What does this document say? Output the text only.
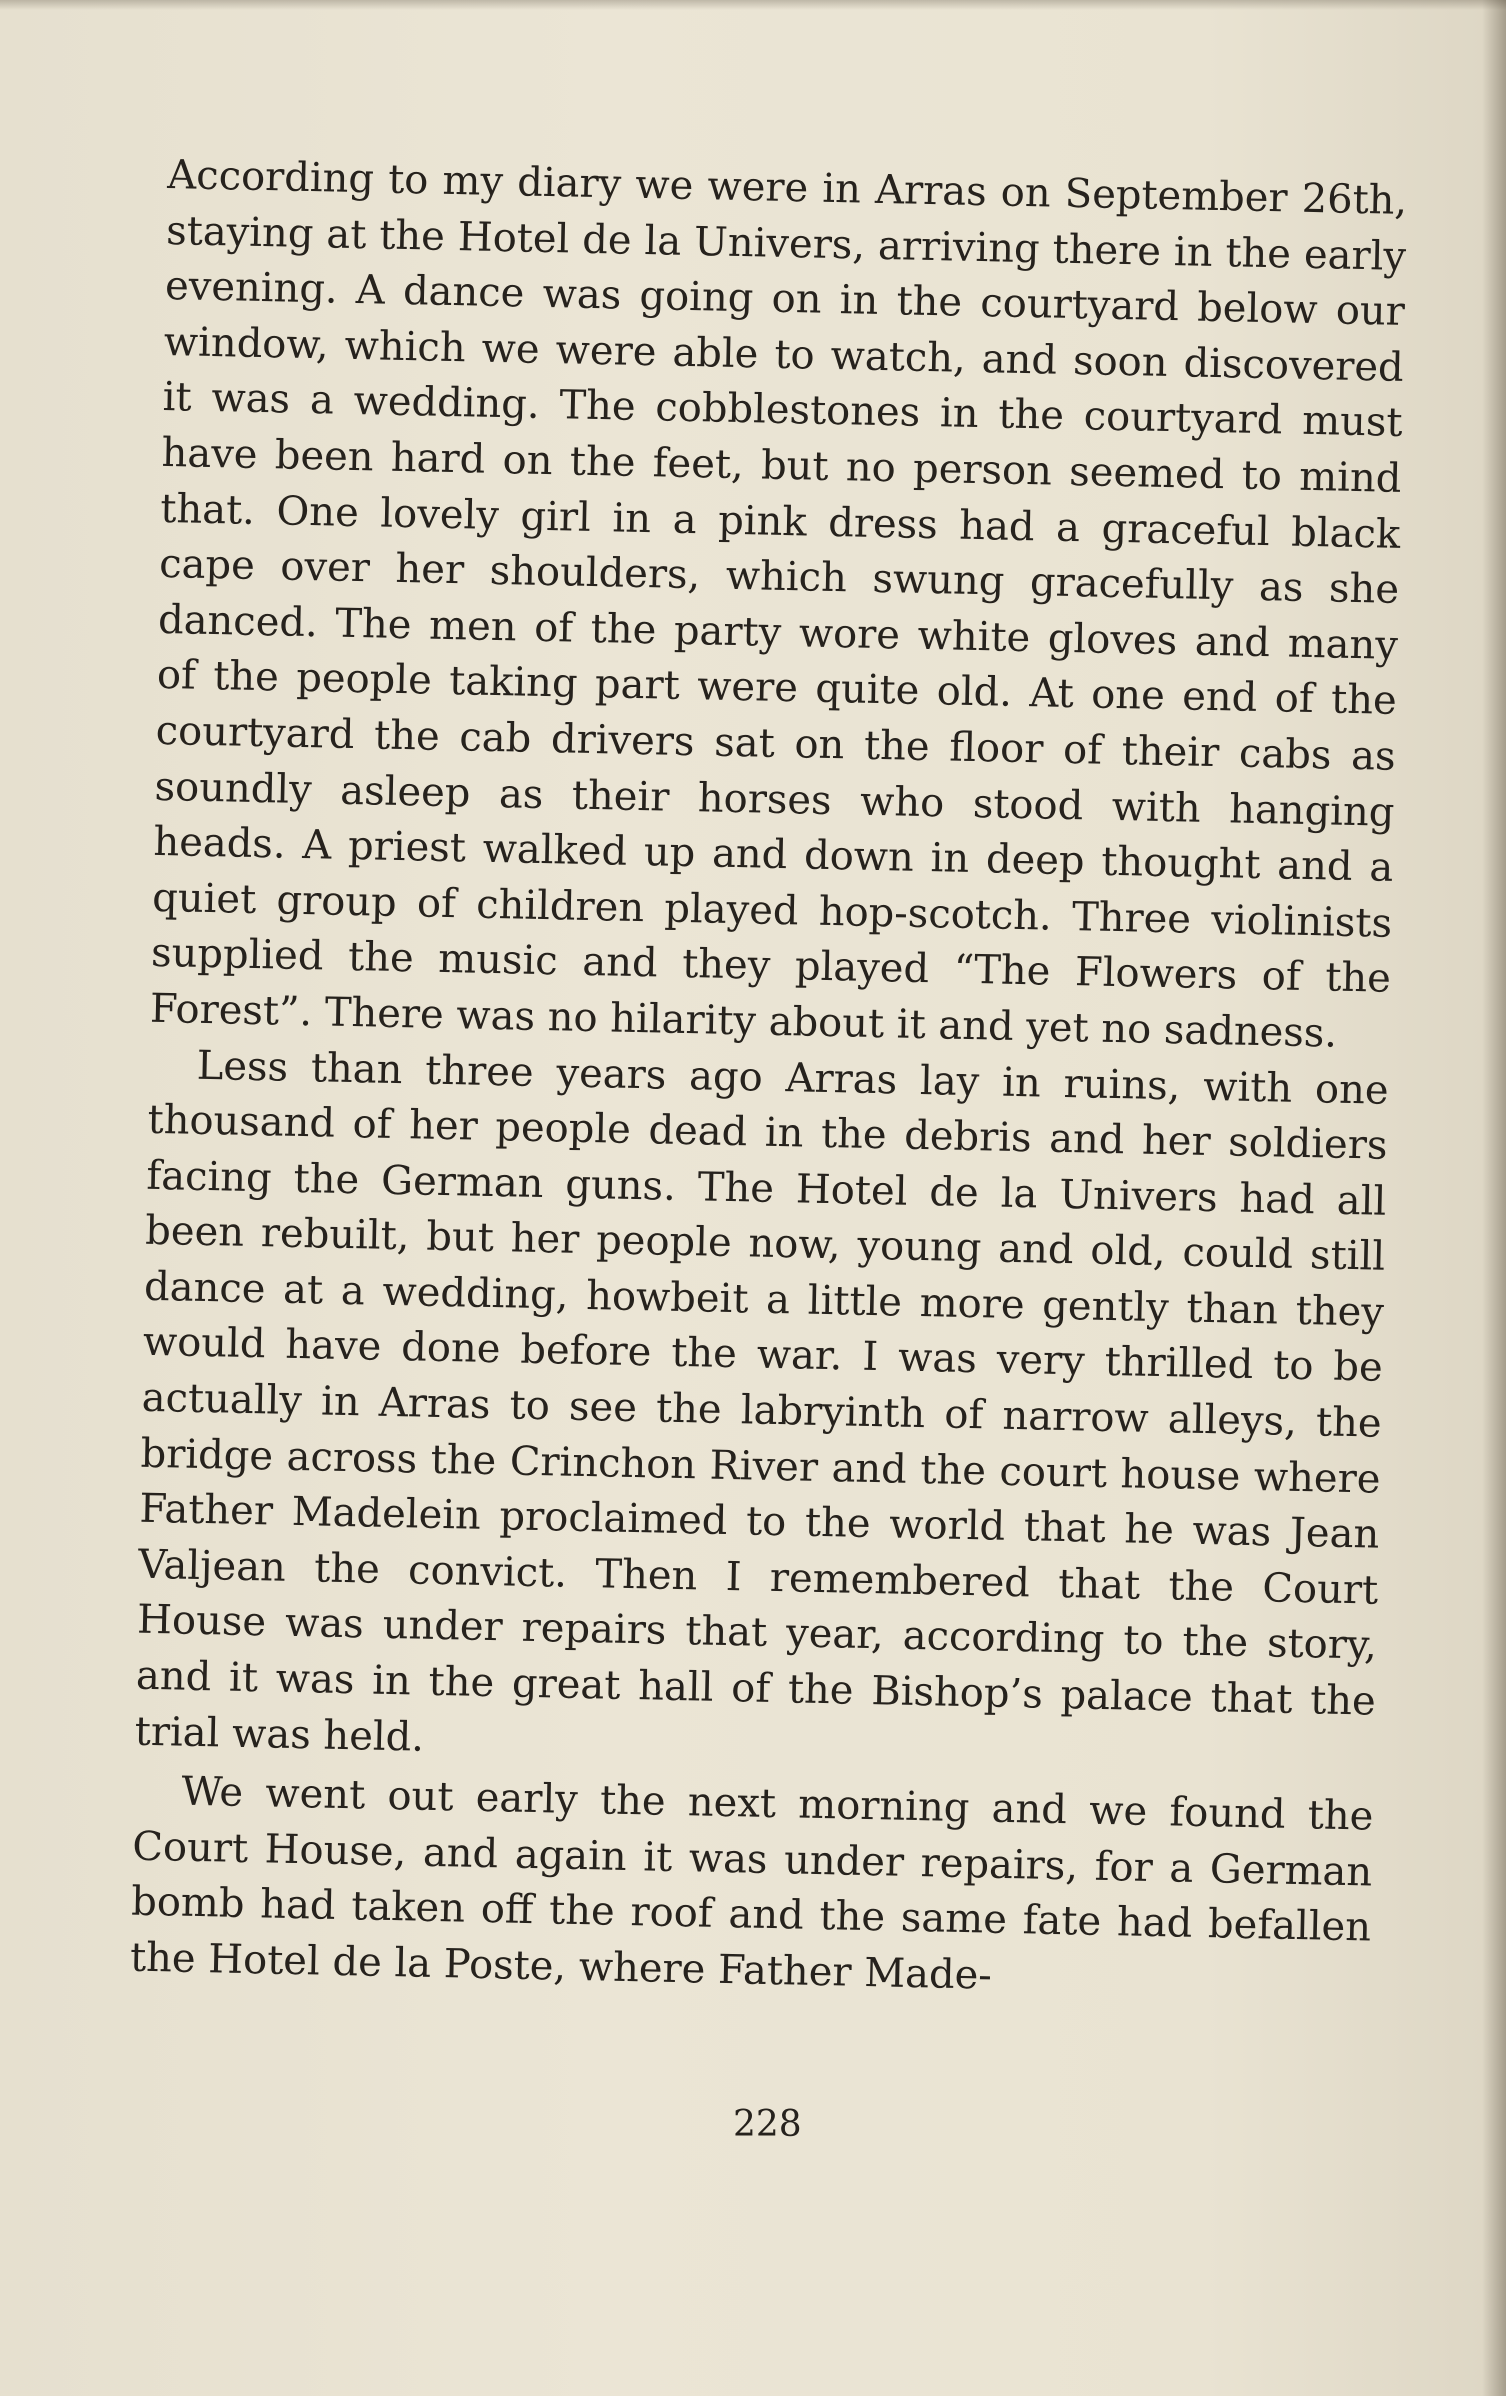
According to my diary we were in Arras on September 26th, staying at the Hotel de la Univers, arriving there in the early evening. A dance was going on in the courtyard below our window, which we were able to watch, and soon discovered it was a wedding. The cobblestones in the courtyard must have been hard on the feet, but no person seemed to mind that. One lovely girl in a pink dress had a graceful black cape over her shoulders, which swung gracefully as she danced. The men of the party wore white gloves and many of the people taking part were quite old. At one end of the courtyard the cab drivers sat on the floor of their cabs as soundly asleep as their horses who stood with hanging heads. A priest walked up and down in deep thought and a quiet group of children played hop-scotch. Three violinists supplied the music and they played “The Flowers of the Forest”. There was no hilarity about it and yet no sadness.

Less than three years ago Arras lay in ruins, with one thousand of her people dead in the debris and her soldiers facing the German guns. The Hotel de la Univers had all been rebuilt, but her people now, young and old, could still dance at a wedding, howbeit a little more gently than they would have done before the war. I was very thrilled to be actually in Arras to see the labryinth of narrow alleys, the bridge across the Crinchon River and the court house where Father Madelein proclaimed to the world that he was Jean Valjean the convict. Then I remembered that the Court House was under repairs that year, according to the story, and it was in the great hall of the Bishop’s palace that the trial was held.

We went out early the next morning and we found the Court House, and again it was under repairs, for a German bomb had taken off the roof and the same fate had befallen the Hotel de la Poste, where Father Made-

228
